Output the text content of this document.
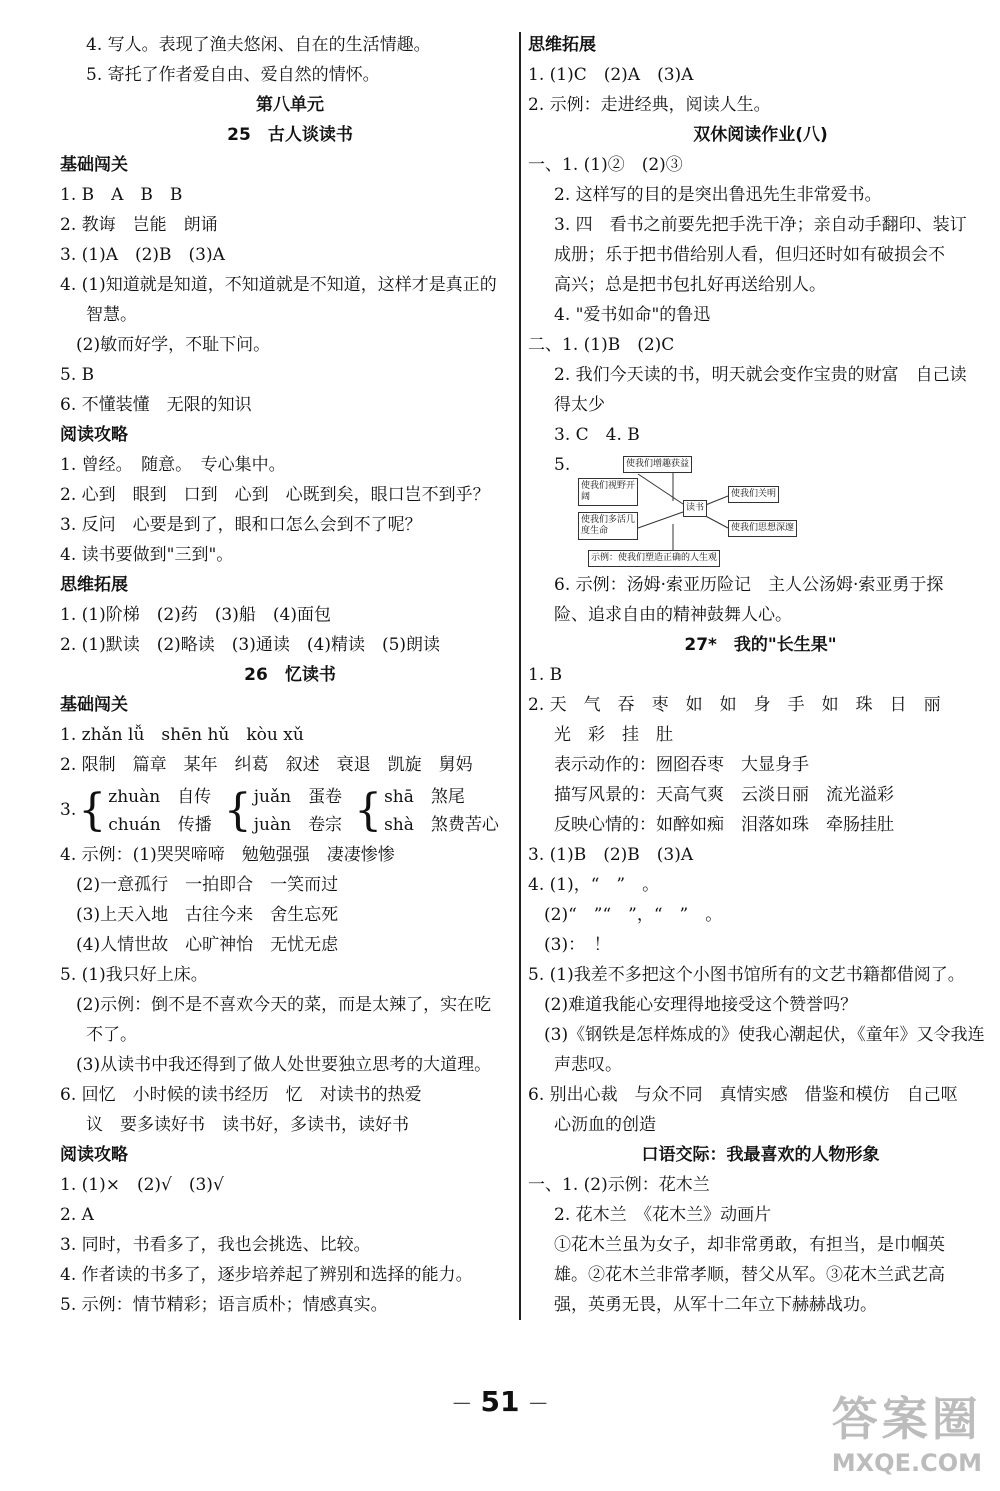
4. 写人。表现了渔夫悠闲、自在的生活情趣。
5. 寄托了作者爱自由、爱自然的情怀。
第八单元
25　古人谈读书
基础闯关
1. B　A　B　B
2. 教诲　岂能　朗诵
3. (1)A　(2)B　(3)A
4. (1)知道就是知道，不知道就是不知道，这样才是真正的
智慧。
(2)敏而好学，不耻下问。
5. B
6. 不懂装懂　无限的知识
阅读攻略
1. 曾经。　随意。　专心集中。
2. 心到　眼到　口到　心到　心既到矣，眼口岂不到乎？
3. 反问　心要是到了，眼和口怎么会到不了呢？
4. 读书要做到"三到"。
思维拓展
1. (1)阶梯　(2)药　(3)船　(4)面包
2. (1)默读　(2)略读　(3)通读　(4)精读　(5)朗读
26　忆读书
基础闯关
1. zhǎn lǚ　shēn hǔ　kòu xǔ
2. 限制　篇章　某年　纠葛　叙述　衰退　凯旋　舅妈
3.{ zhuàn　 自传
chuán　 传播 { juǎn　 蛋卷
juàn　 卷宗 { shā　 煞尾
shà　 煞费苦心
4. 示例：(1)哭哭啼啼　勉勉强强　凄凄惨惨
(2)一意孤行　一拍即合　一笑而过
(3)上天入地　古往今来　舍生忘死
(4)人情世故　心旷神怡　无忧无虑
5. (1)我只好上床。
(2)示例：倒不是不喜欢今天的菜，而是太辣了，实在吃
不了。
(3)从读书中我还得到了做人处世要独立思考的大道理。
6. 回忆　小时候的读书经历　忆　对读书的热爱
议　要多读好书　读书好，多读书，读好书
阅读攻略
1. (1)×　(2)√　(3)√
2. A
3. 同时，书看多了，我也会挑选、比较。
4. 作者读的书多了，逐步培养起了辨别和选择的能力。
5. 示例：情节精彩；语言质朴；情感真实。
思维拓展
1. (1)C　(2)A　(3)A
2. 示例：走进经典，阅读人生。
双休阅读作业(八)
一、1. (1)②　(2)③
2. 这样写的目的是突出鲁迅先生非常爱书。
3. 四　看书之前要先把手洗干净；亲自动手翻印、装订
成册；乐于把书借给别人看，但归还时如有破损会不
高兴；总是把书包扎好再送给别人。
4. "爱书如命"的鲁迅
二、1. (1)B　(2)C
2. 我们今天读的书，明天就会变作宝贵的财富　自己读
得太少
3. C　4. B
5.	使我们增趣获益
使我们视野开阔
使我们多活几度生命
读书
使我们关明
使我们思想深邃
示例：使我们塑造正确的人生观
6. 示例：汤姆·索亚历险记　主人公汤姆·索亚勇于探
险、追求自由的精神鼓舞人心。
27*　我的"长生果"
1. B
2. 天　气　吞　枣　如　如　身　手　如　珠　日　丽
光　彩　挂　肚
表示动作的：囫囵吞枣　大显身手
描写风景的：天高气爽　云淡日丽　流光溢彩
反映心情的：如醉如痴　泪落如珠　牵肠挂肚
3. (1)B　(2)B　(3)A
4. (1)，“　”　。
(2)“　”“　”，“　”　。
(3)：　！
5. (1)我差不多把这个小图书馆所有的文艺书籍都借阅了。
(2)难道我能心安理得地接受这个赞誉吗？
(3)《钢铁是怎样炼成的》使我心潮起伏，《童年》又令我连
声悲叹。
6. 别出心裁　与众不同　真情实感　借鉴和模仿　自己呕
心沥血的创造
口语交际：我最喜欢的人物形象
一、1. (2)示例：花木兰
2. 花木兰　《花木兰》动画片
①花木兰虽为女子，却非常勇敢，有担当，是巾帼英
雄。②花木兰非常孝顺，替父从军。③花木兰武艺高
强，英勇无畏，从军十二年立下赫赫战功。
— 51 —	答案圈
MXQE.COM
